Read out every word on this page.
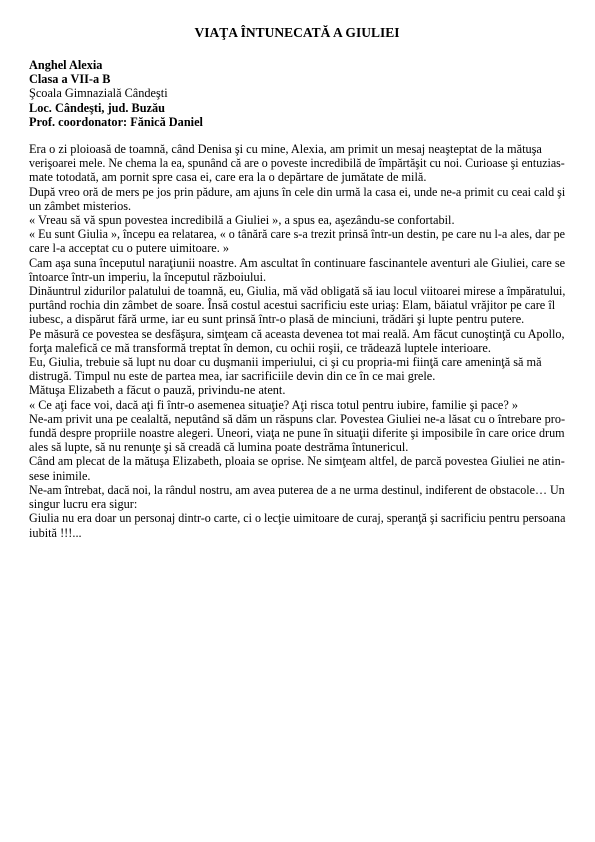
VIAŢA ÎNTUNECATĂ A GIULIEI
Anghel Alexia
Clasa a VII-a B
Şcoala Gimnazială Cândeşti
Loc. Cândeşti, jud. Buzău
Prof. coordonator: Fănică Daniel
Era o zi ploioasă de toamnă, când Denisa şi cu mine, Alexia, am primit un mesaj neaşteptat de la mătuşa
verişoarei mele. Ne chema la ea, spunând că are o poveste incredibilă de împărtăşit cu noi. Curioase şi entuzias-
mate totodată, am pornit spre casa ei, care era la o depărtare de jumătate de milă.
După vreo oră de mers pe jos prin pădure, am ajuns în cele din urmă la casa ei, unde ne-a primit cu ceai cald şi
un zâmbet misterios.
« Vreau să vă spun povestea incredibilă a Giuliei », a spus ea, aşezându-se confortabil.
« Eu sunt Giulia », începu ea relatarea, « o tânără care s-a trezit prinsă într-un destin, pe care nu l-a ales, dar pe
care l-a acceptat cu o putere uimitoare. »
Cam aşa suna începutul naraţiunii noastre. Am ascultat în continuare fascinantele aventuri ale Giuliei, care se
întoarce într-un imperiu, la începutul războiului.
Dinăuntrul zidurilor palatului de toamnă, eu, Giulia, mă văd obligată să iau locul viitoarei mirese a împăratului,
purtând rochia din zâmbet de soare. Însă costul acestui sacrificiu este uriaş: Elam, băiatul vrăjitor pe care îl
iubesc, a dispărut fără urme, iar eu sunt prinsă într-o plasă de minciuni, trădări şi lupte pentru putere.
Pe măsură ce povestea se desfăşura, simţeam că aceasta devenea tot mai reală. Am făcut cunoştinţă cu Apollo,
forţa malefică ce mă transformă treptat în demon, cu ochii roşii, ce trădează luptele interioare.
Eu, Giulia, trebuie să lupt nu doar cu duşmanii imperiului, ci şi cu propria-mi fiinţă care ameninţă să mă
distrugă. Timpul nu este de partea mea, iar sacrificiile devin din ce în ce mai grele.
Mătuşa Elizabeth a făcut o pauză, privindu-ne atent.
« Ce aţi face voi, dacă aţi fi într-o asemenea situaţie? Aţi risca totul pentru iubire, familie şi pace? »
Ne-am privit una pe cealaltă, neputând să dăm un răspuns clar. Povestea Giuliei ne-a lăsat cu o întrebare pro-
fundă despre propriile noastre alegeri. Uneori, viaţa ne pune în situaţii diferite şi imposibile în care orice drum
ales să lupte, să nu renunţe şi să creadă că lumina poate destrăma întunericul.
Când am plecat de la mătuşa Elizabeth, ploaia se oprise. Ne simţeam altfel, de parcă povestea Giuliei ne atin-
sese inimile.
Ne-am întrebat, dacă noi, la rândul nostru, am avea puterea de a ne urma destinul, indiferent de obstacole… Un
singur lucru era sigur:
Giulia nu era doar un personaj dintr-o carte, ci o lecţie uimitoare de curaj, speranţă şi sacrificiu pentru persoana
iubită !!!...
